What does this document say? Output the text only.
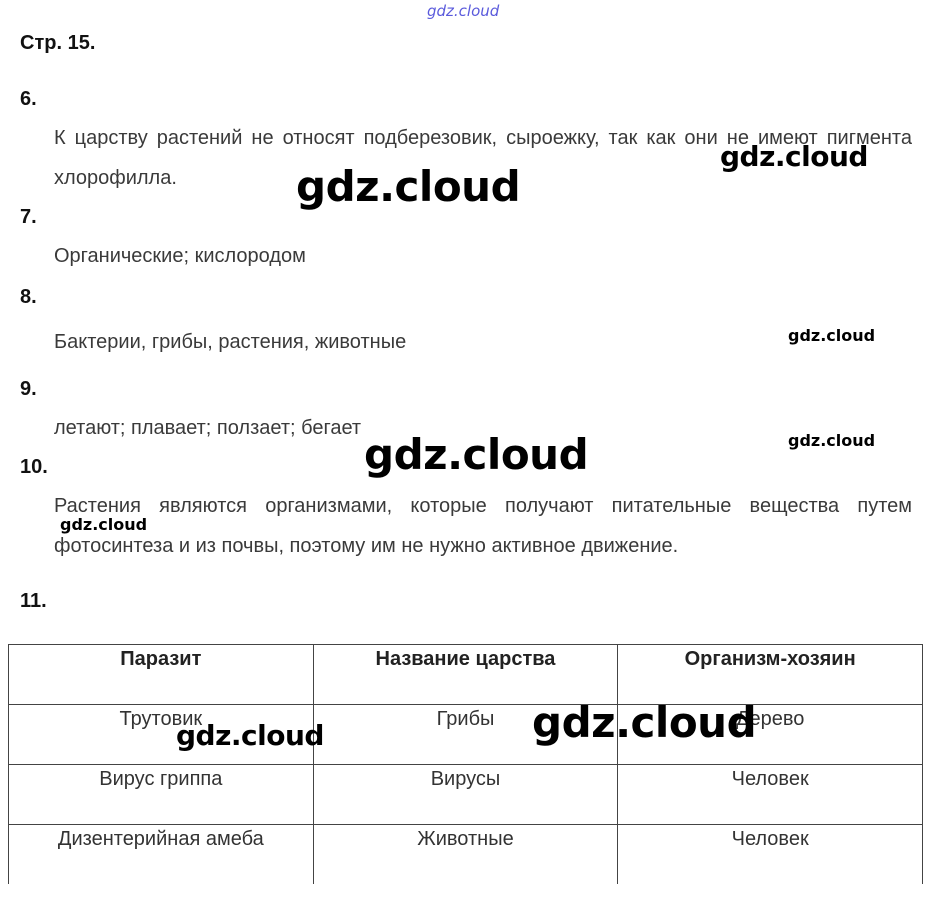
gdz.cloud
Стр. 15.
6.
К царству растений не относят подберезовик, сыроежку, так как они не имеют пигмента хлорофилла.
7.
Органические; кислородом
8.
Бактерии, грибы, растения, животные
9.
летают; плавает; ползает; бегает
10.
Растения являются организмами, которые получают питательные вещества путем фотосинтеза и из почвы, поэтому им не нужно активное движение.
11.
Паразит	Название царства	Организм-хозяин
Трутовик	Грибы	Дерево
Вирус гриппа	Вирусы	Человек
Дизентерийная амеба	Животные	Человек
gdz.cloud
gdz.cloud
gdz.cloud
gdz.cloud
gdz.cloud
gdz.cloud
gdz.cloud	gdz.cloud
